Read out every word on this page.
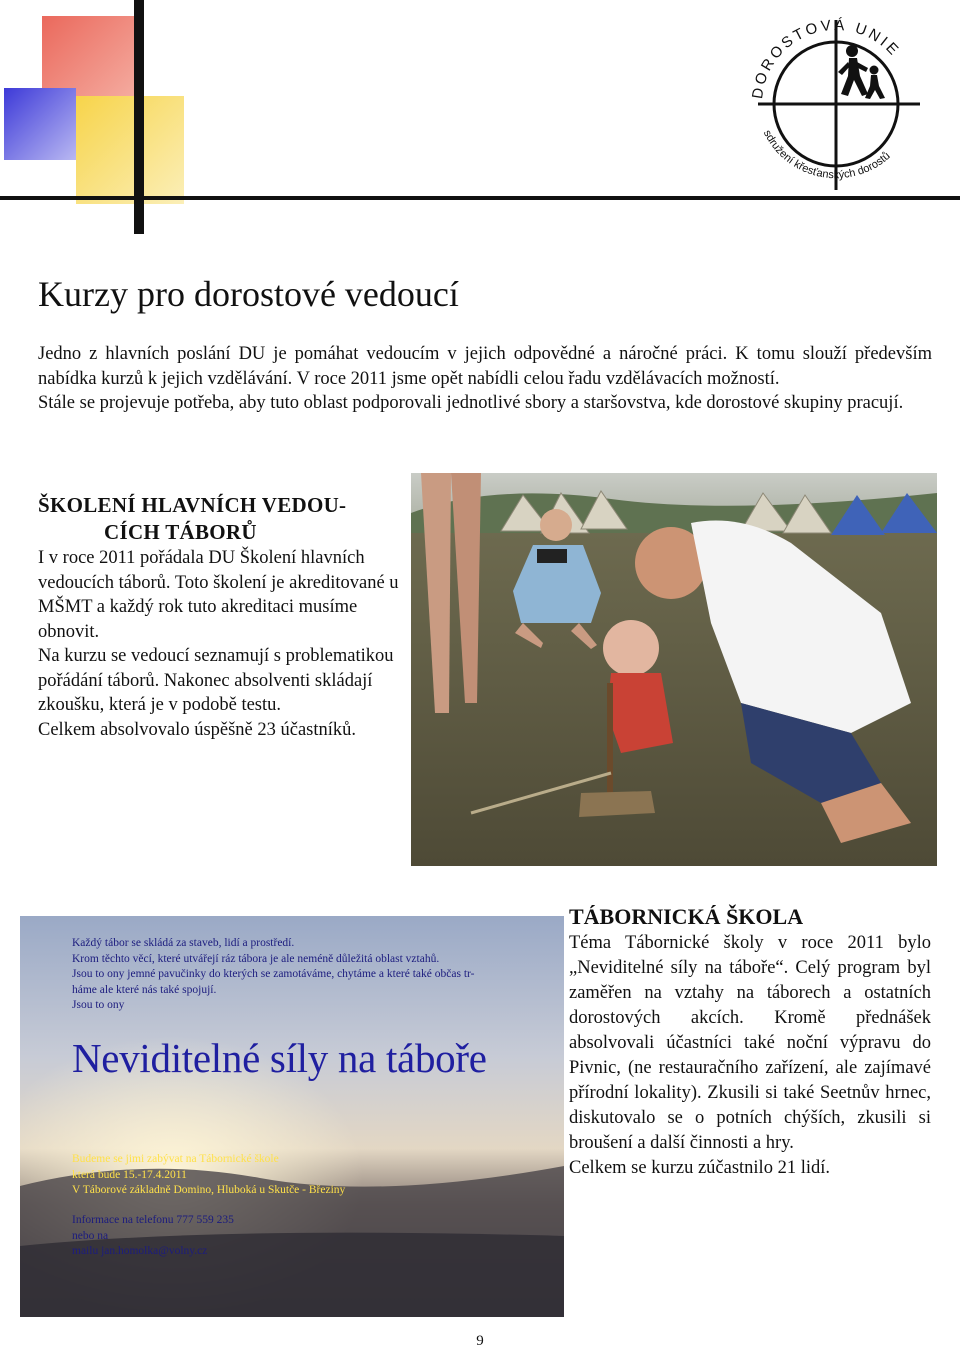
DOROSTOVÁ UNIE
sdružení křesťanských dorostů
Kurzy pro dorostové vedoucí

Jedno z hlavních poslání DU je pomáhat vedoucím v jejich odpovědné a náročné práci. K tomu slouží především nabídka kurzů k jejich vzdělávání. V roce 2011 jsme opět nabídli celou řadu vzdělávacích možností.

Stále se projevuje potřeba, aby tuto oblast podporovali jednotlivé sbory a staršovstva, kde dorostové skupiny pracují.

ŠKOLENÍ HLAVNÍCH VEDOU-
CÍCH TÁBORŮ

I v roce 2011 pořádala DU Školení hlavních vedoucích táborů. Toto školení je akreditované u MŠMT a každý rok tuto akreditaci musíme obnovit.

Na kurzu se vedoucí seznamují s problematikou pořádání táborů. Nakonec absolventi skládají zkoušku, která je v podobě testu.

Celkem absolvovalo úspěšně 23 účastníků.

Každý tábor se skládá za staveb, lidí a prostředí.
Krom těchto věcí, které utvářejí ráz tábora je ale neméně důležitá oblast vztahů.
Jsou to ony jemné pavučinky do kterých se zamotáváme, chytáme a které také občas tr-
háme ale které nás také spojují.
Jsou to ony
Neviditelné síly na táboře
Budeme se jimi zabývat na Tábornické škole
která bude 15.-17.4.2011
V Táborové základně Domino, Hluboká u Skutče - Březiny
Informace na telefonu 777 559 235
nebo na
mailu jan.homolka@volny.cz
TÁBORNICKÁ ŠKOLA

Téma Tábornické školy v roce 2011 bylo „Neviditelné síly na táboře“. Celý program byl zaměřen na vztahy na táborech a ostatních dorostových akcích. Kromě přednášek absolvovali účastníci také noční výpravu do Pivnic, (ne restauračního zařízení, ale zajímavé přírodní lokality). Zkusili si také Seetnův hrnec, diskutovalo se o potních chýších, zkusili si broušení a další činnosti a hry.

Celkem se kurzu zúčastnilo 21 lidí.

9
